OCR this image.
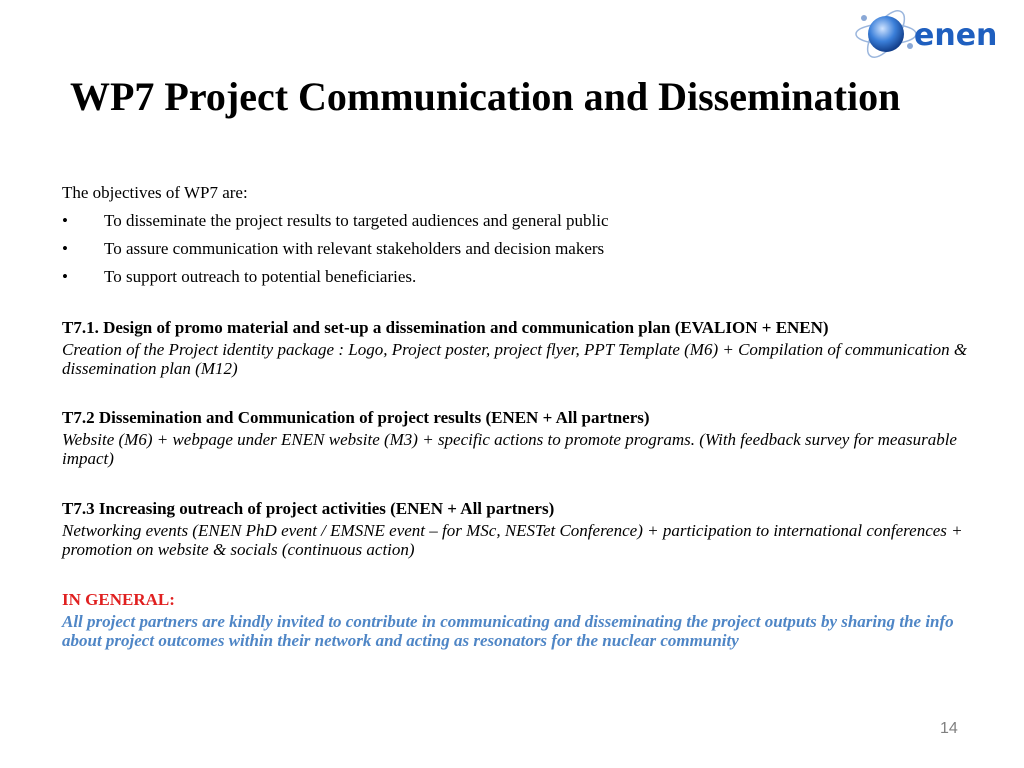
enen
WP7 Project Communication and Dissemination
The objectives of WP7 are:
•	To disseminate the project results to targeted audiences and general public
•	To assure communication with relevant stakeholders and decision makers
•	To support outreach to potential beneficiaries.
T7.1. Design of promo material and set-up a dissemination and communication plan (EVALION + ENEN)
Creation of the Project identity package : Logo, Project poster, project flyer, PPT Template (M6) + Compilation of communication & dissemination plan (M12)
T7.2 Dissemination and Communication of project results (ENEN + All partners)
Website (M6) + webpage under ENEN website (M3) + specific actions to promote programs. (With feedback survey for measurable impact)
T7.3 Increasing outreach of project activities (ENEN + All partners)
Networking events (ENEN PhD event / EMSNE event – for MSc, NESTet Conference) + participation to international conferences + promotion on website & socials (continuous action)
IN GENERAL:
All project partners are kindly invited to contribute in communicating and disseminating the project outputs by sharing the info about project outcomes within their network and acting as resonators for the nuclear community
14
